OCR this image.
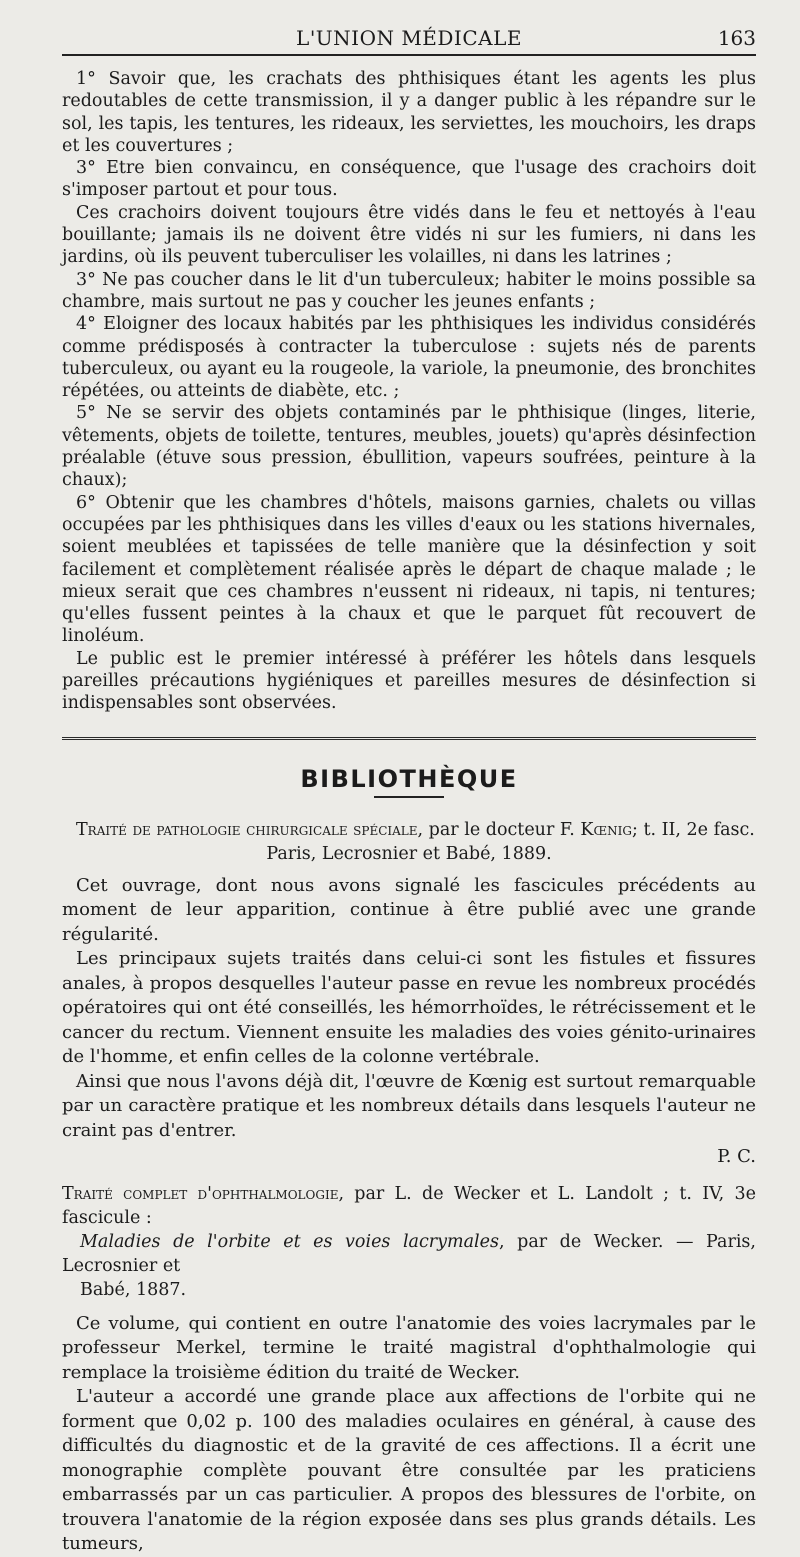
L'UNION MÉDICALE	163

1° Savoir que, les crachats des phthisiques étant les agents les plus redoutables de cette transmission, il y a danger public à les répandre sur le sol, les tapis, les tentures, les rideaux, les serviettes, les mouchoirs, les draps et les couvertures ;

3° Etre bien convaincu, en conséquence, que l'usage des crachoirs doit s'imposer partout et pour tous.

Ces crachoirs doivent toujours être vidés dans le feu et nettoyés à l'eau bouillante; jamais ils ne doivent être vidés ni sur les fumiers, ni dans les jardins, où ils peuvent tuberculiser les volailles, ni dans les latrines ;

3° Ne pas coucher dans le lit d'un tuberculeux; habiter le moins possible sa chambre, mais surtout ne pas y coucher les jeunes enfants ;

4° Eloigner des locaux habités par les phthisiques les individus considérés comme prédisposés à contracter la tuberculose : sujets nés de parents tuberculeux, ou ayant eu la rougeole, la variole, la pneumonie, des bronchites répétées, ou atteints de diabète, etc. ;

5° Ne se servir des objets contaminés par le phthisique (linges, literie, vêtements, objets de toilette, tentures, meubles, jouets) qu'après désinfection préalable (étuve sous pression, ébullition, vapeurs soufrées, peinture à la chaux);

6° Obtenir que les chambres d'hôtels, maisons garnies, chalets ou villas occupées par les phthisiques dans les villes d'eaux ou les stations hivernales, soient meublées et tapissées de telle manière que la désinfection y soit facilement et complètement réalisée après le départ de chaque malade ; le mieux serait que ces chambres n'eussent ni rideaux, ni tapis, ni tentures; qu'elles fussent peintes à la chaux et que le parquet fût recouvert de linoléum.

Le public est le premier intéressé à préférer les hôtels dans lesquels pareilles précautions hygiéniques et pareilles mesures de désinfection si indispensables sont observées.

BIBLIOTHÈQUE

Traité de pathologie chirurgicale spéciale, par le docteur F. Kœnig; t. II, 2e fasc.

Paris, Lecrosnier et Babé, 1889.

Cet ouvrage, dont nous avons signalé les fascicules précédents au moment de leur apparition, continue à être publié avec une grande régularité.

Les principaux sujets traités dans celui-ci sont les fistules et fissures anales, à propos desquelles l'auteur passe en revue les nombreux procédés opératoires qui ont été conseillés, les hémorrhoïdes, le rétrécissement et le cancer du rectum. Viennent ensuite les maladies des voies génito-urinaires de l'homme, et enfin celles de la colonne vertébrale.

Ainsi que nous l'avons déjà dit, l'œuvre de Kœnig est surtout remarquable par un caractère pratique et les nombreux détails dans lesquels l'auteur ne craint pas d'entrer.

P. C.
Traité complet d'ophthalmologie, par L. de Wecker et L. Landolt ; t. IV, 3e fascicule :
Maladies de l'orbite et es voies lacrymales, par de Wecker. — Paris, Lecrosnier et
Babé, 1887.

Ce volume, qui contient en outre l'anatomie des voies lacrymales par le professeur Merkel, termine le traité magistral d'ophthalmologie qui remplace la troisième édition du traité de Wecker.

L'auteur a accordé une grande place aux affections de l'orbite qui ne forment que 0,02 p. 100 des maladies oculaires en général, à cause des difficultés du diagnostic et de la gravité de ces affections. Il a écrit une monographie complète pouvant être consultée par les praticiens embarrassés par un cas particulier. A propos des blessures de l'orbite, on trouvera l'anatomie de la région exposée dans ses plus grands détails. Les tumeurs,
